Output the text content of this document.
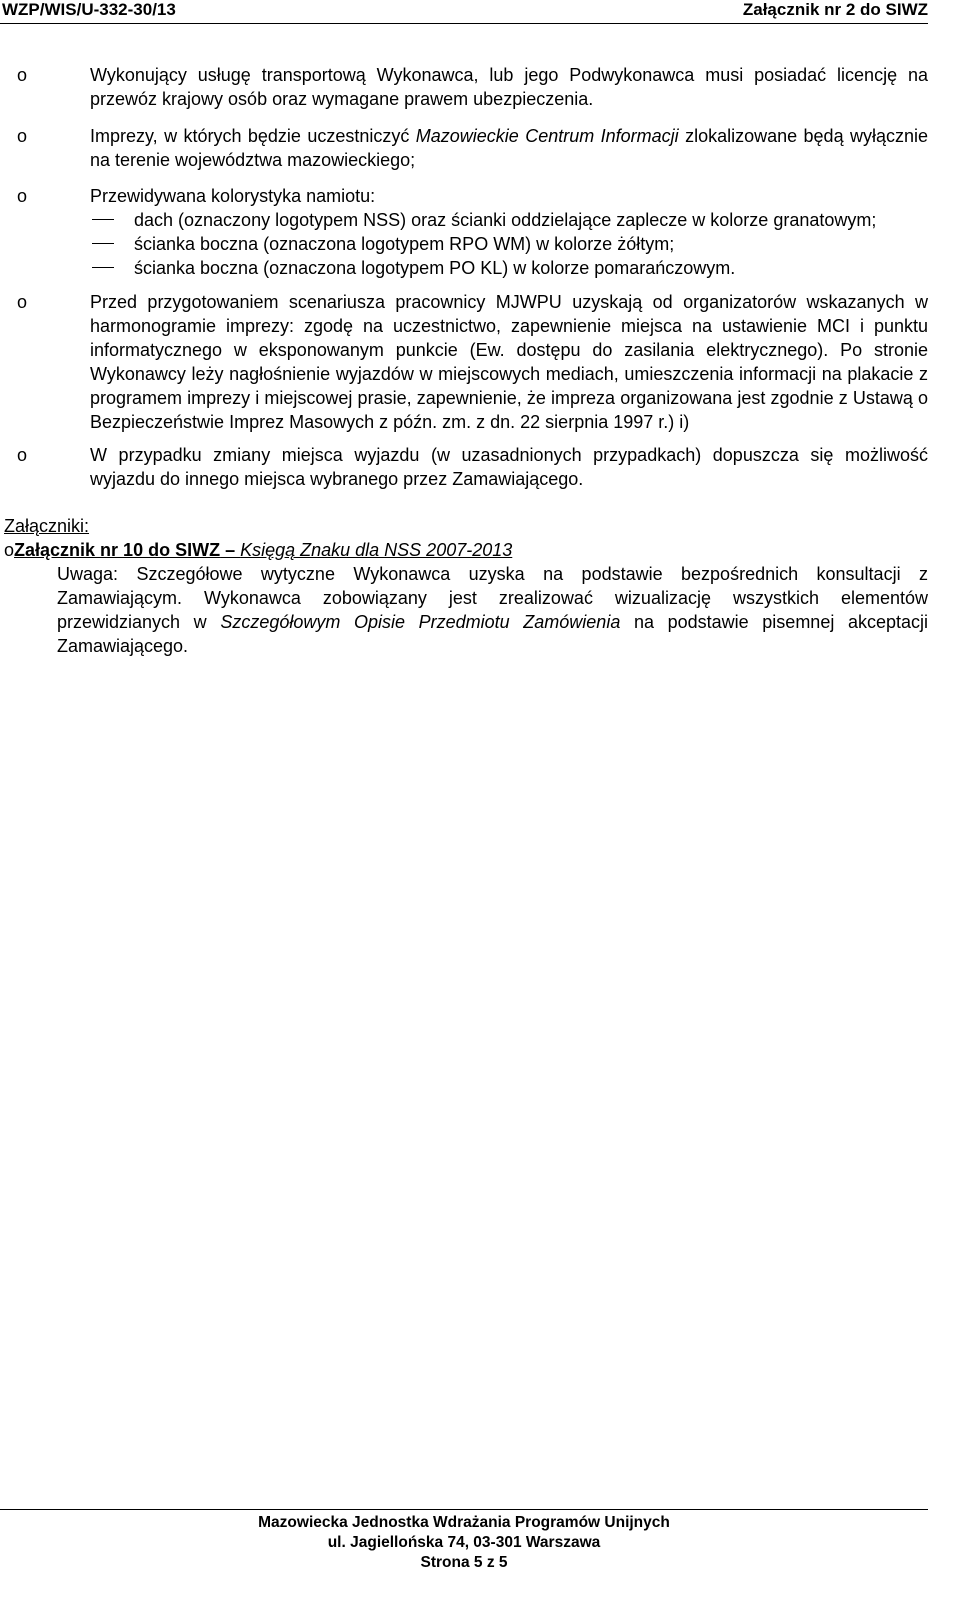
WZP/WIS/U-332-30/13	Załącznik nr 2 do SIWZ
o	Wykonujący usługę transportową Wykonawca, lub jego Podwykonawca musi posiadać licencję na przewóz krajowy osób oraz wymagane prawem ubezpieczenia.
o	Imprezy, w których będzie uczestniczyć Mazowieckie Centrum Informacji zlokalizowane będą wyłącznie na terenie województwa mazowieckiego;
o	Przewidywana kolorystyka namiotu:
dach (oznaczony logotypem NSS) oraz ścianki oddzielające zaplecze w kolorze granatowym;
ścianka boczna (oznaczona logotypem RPO WM) w kolorze żółtym;
ścianka boczna (oznaczona logotypem PO KL) w kolorze pomarańczowym.
o	Przed przygotowaniem scenariusza pracownicy MJWPU uzyskają od organizatorów wskazanych w harmonogramie imprezy: zgodę na uczestnictwo, zapewnienie miejsca na ustawienie MCI i punktu informatycznego w eksponowanym punkcie (Ew. dostępu do zasilania elektrycznego). Po stronie Wykonawcy leży nagłośnienie wyjazdów w miejscowych mediach, umieszczenia informacji na plakacie z programem imprezy i miejscowej prasie, zapewnienie, że impreza organizowana jest zgodnie z Ustawą o Bezpieczeństwie Imprez Masowych z późn. zm. z dn. 22 sierpnia 1997 r.) i)
o	W przypadku zmiany miejsca wyjazdu (w uzasadnionych przypadkach) dopuszcza się możliwość wyjazdu do innego miejsca wybranego przez Zamawiającego.
Załączniki:
oZałącznik nr 10 do SIWZ – Księgą Znaku dla NSS 2007-2013
Uwaga: Szczegółowe wytyczne Wykonawca uzyska na podstawie bezpośrednich konsultacji z Zamawiającym. Wykonawca zobowiązany jest zrealizować wizualizację wszystkich elementów przewidzianych w Szczegółowym Opisie Przedmiotu Zamówienia na podstawie pisemnej akceptacji Zamawiającego.
Mazowiecka Jednostka Wdrażania Programów Unijnych
ul. Jagiellońska 74, 03-301 Warszawa
Strona 5 z 5
